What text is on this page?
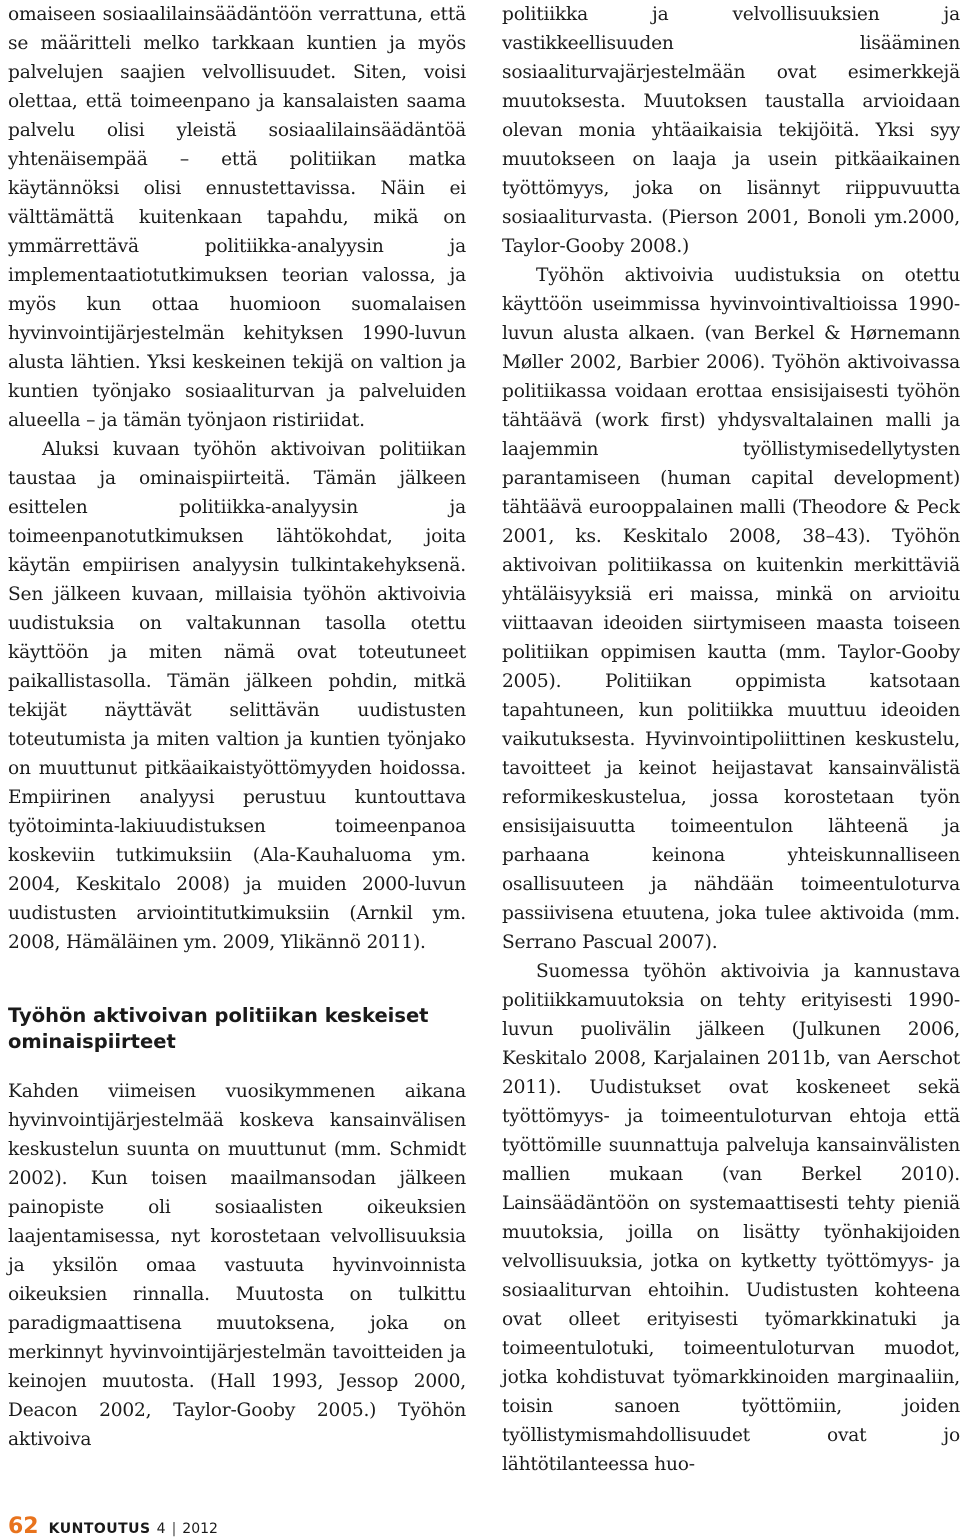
omaiseen sosiaalilainsäädäntöön verrattuna, että se määritteli melko tarkkaan kuntien ja myös palvelujen saajien velvollisuudet. Siten, voisi olettaa, että toimeenpano ja kansalaisten saama palvelu olisi yleistä sosiaalilainsäädäntöä yhtenäisempää – että politiikan matka käytännöksi olisi ennustettavissa. Näin ei välttämättä kuitenkaan tapahdu, mikä on ymmärrettävä politiikka-analyysin ja implementaatiotutkimuksen teorian valossa, ja myös kun ottaa huomioon suomalaisen hyvinvointijärjestelmän kehityksen 1990-luvun alusta lähtien. Yksi keskeinen tekijä on valtion ja kuntien työnjako sosiaaliturvan ja palveluiden alueella – ja tämän työnjaon ristiriidat.

Aluksi kuvaan työhön aktivoivan politiikan taustaa ja ominaispiirteitä. Tämän jälkeen esittelen politiikka-analyysin ja toimeenpanotutkimuksen lähtökohdat, joita käytän empiirisen analyysin tulkintakehyksenä. Sen jälkeen kuvaan, millaisia työhön aktivoivia uudistuksia on valtakunnan tasolla otettu käyttöön ja miten nämä ovat toteutuneet paikallistasolla. Tämän jälkeen pohdin, mitkä tekijät näyttävät selittävän uudistusten toteutumista ja miten valtion ja kuntien työnjako on muuttunut pitkäaikaistyöttömyyden hoidossa. Empiirinen analyysi perustuu kuntouttava työtoiminta-lakiuudistuksen toimeenpanoa koskeviin tutkimuksiin (Ala-Kauhaluoma ym. 2004, Keskitalo 2008) ja muiden 2000-luvun uudistusten arviointitutkimuksiin (Arnkil ym. 2008, Hämäläinen ym. 2009, Ylikännö 2011).

Työhön aktivoivan politiikan keskeiset ominaispiirteet

Kahden viimeisen vuosikymmenen aikana hyvinvointijärjestelmää koskeva kansainvälisen keskustelun suunta on muuttunut (mm. Schmidt 2002). Kun toisen maailmansodan jälkeen painopiste oli sosiaalisten oikeuksien laajentamisessa, nyt korostetaan velvollisuuksia ja yksilön omaa vastuuta hyvinvoinnista oikeuksien rinnalla. Muutosta on tulkittu paradigmaattisena muutoksena, joka on merkinnyt hyvinvointijärjestelmän tavoitteiden ja keinojen muutosta. (Hall 1993, Jessop 2000, Deacon 2002, Taylor-Gooby 2005.) Työhön aktivoiva

politiikka ja velvollisuuksien ja vastikkeellisuuden lisääminen sosiaaliturvajärjestelmään ovat esimerkkejä muutoksesta. Muutoksen taustalla arvioidaan olevan monia yhtäaikaisia tekijöitä. Yksi syy muutokseen on laaja ja usein pitkäaikainen työttömyys, joka on lisännyt riippuvuutta sosiaaliturvasta. (Pierson 2001, Bonoli ym.2000, Taylor-Gooby 2008.)

Työhön aktivoivia uudistuksia on otettu käyttöön useimmissa hyvinvointivaltioissa 1990-luvun alusta alkaen. (van Berkel & Hørnemann Møller 2002, Barbier 2006). Työhön aktivoivassa politiikassa voidaan erottaa ensisijaisesti työhön tähtäävä (work first) yhdysvaltalainen malli ja laajemmin työllistymisedellytysten parantamiseen (human capital development) tähtäävä eurooppalainen malli (Theodore & Peck 2001, ks. Keskitalo 2008, 38–43). Työhön aktivoivan politiikassa on kuitenkin merkittäviä yhtäläisyyksiä eri maissa, minkä on arvioitu viittaavan ideoiden siirtymiseen maasta toiseen politiikan oppimisen kautta (mm. Taylor-Gooby 2005). Politiikan oppimista katsotaan tapahtuneen, kun politiikka muuttuu ideoiden vaikutuksesta. Hyvinvointipoliittinen keskustelu, tavoitteet ja keinot heijastavat kansainvälistä reformikeskustelua, jossa korostetaan työn ensisijaisuutta toimeentulon lähteenä ja parhaana keinona yhteiskunnalliseen osallisuuteen ja nähdään toimeentuloturva passiivisena etuutena, joka tulee aktivoida (mm. Serrano Pascual 2007).

Suomessa työhön aktivoivia ja kannustava politiikkamuutoksia on tehty erityisesti 1990-luvun puolivälin jälkeen (Julkunen 2006, Keskitalo 2008, Karjalainen 2011b, van Aerschot 2011). Uudistukset ovat koskeneet sekä työttömyys- ja toimeentuloturvan ehtoja että työttömille suunnattuja palveluja kansainvälisten mallien mukaan (van Berkel 2010). Lainsäädäntöön on systemaattisesti tehty pieniä muutoksia, joilla on lisätty työnhakijoiden velvollisuuksia, jotka on kytketty työttömyys- ja sosiaaliturvan ehtoihin. Uudistusten kohteena ovat olleet erityisesti työmarkkinatuki ja toimeentulotuki, toimeentuloturvan muodot, jotka kohdistuvat työmarkkinoiden marginaaliin, toisin sanoen työttömiin, joiden työllistymismahdollisuudet ovat jo lähtötilanteessa huo-

62 KUNTOUTUS 4 | 2012
